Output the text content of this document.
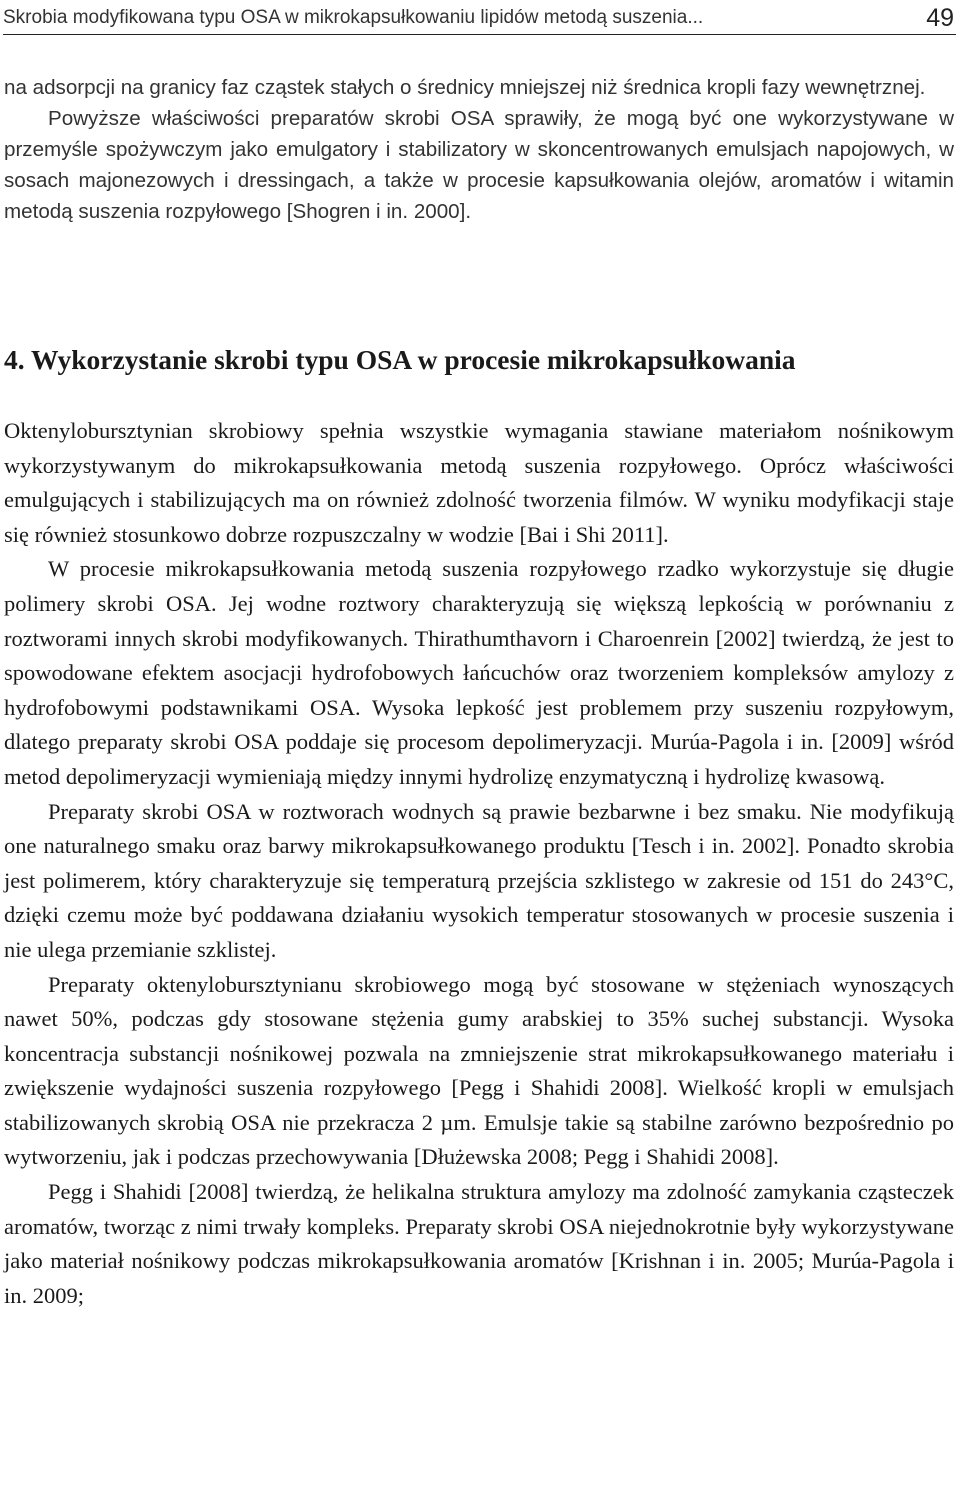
Skrobia modyfikowana typu OSA w mikrokapsułkowaniu lipidów metodą suszenia...	49

na adsorpcji na granicy faz cząstek stałych o średnicy mniejszej niż średnica kropli fazy wewnętrznej.

Powyższe właściwości preparatów skrobi OSA sprawiły, że mogą być one wykorzystywane w przemyśle spożywczym jako emulgatory i stabilizatory w skoncentrowanych emulsjach napojowych, w sosach majonezowych i dressingach, a także w procesie kapsułkowania olejów, aromatów i witamin metodą suszenia rozpyłowego [Shogren i in. 2000].

4. Wykorzystanie skrobi typu OSA w procesie mikrokapsułkowania

Oktenylobursztynian skrobiowy spełnia wszystkie wymagania stawiane materiałom nośnikowym wykorzystywanym do mikrokapsułkowania metodą suszenia rozpyłowego. Oprócz właściwości emulgujących i stabilizujących ma on również zdolność tworzenia filmów. W wyniku modyfikacji staje się również stosunkowo dobrze rozpuszczalny w wodzie [Bai i Shi 2011].

W procesie mikrokapsułkowania metodą suszenia rozpyłowego rzadko wykorzystuje się długie polimery skrobi OSA. Jej wodne roztwory charakteryzują się większą lepkością w porównaniu z roztworami innych skrobi modyfikowanych. Thirathumthavorn i Charoenrein [2002] twierdzą, że jest to spowodowane efektem asocjacji hydrofobowych łańcuchów oraz tworzeniem kompleksów amylozy z hydrofobowymi podstawnikami OSA. Wysoka lepkość jest problemem przy suszeniu rozpyłowym, dlatego preparaty skrobi OSA poddaje się procesom depolimeryzacji. Murúa-Pagola i in. [2009] wśród metod depolimeryzacji wymieniają między innymi hydrolizę enzymatyczną i hydrolizę kwasową.

Preparaty skrobi OSA w roztworach wodnych są prawie bezbarwne i bez smaku. Nie modyfikują one naturalnego smaku oraz barwy mikrokapsułkowanego produktu [Tesch i in. 2002]. Ponadto skrobia jest polimerem, który charakteryzuje się temperaturą przejścia szklistego w zakresie od 151 do 243°C, dzięki czemu może być poddawana działaniu wysokich temperatur stosowanych w procesie suszenia i nie ulega przemianie szklistej.

Preparaty oktenylobursztynianu skrobiowego mogą być stosowane w stężeniach wynoszących nawet 50%, podczas gdy stosowane stężenia gumy arabskiej to 35% suchej substancji. Wysoka koncentracja substancji nośnikowej pozwala na zmniejszenie strat mikrokapsułkowanego materiału i zwiększenie wydajności suszenia rozpyłowego [Pegg i Shahidi 2008]. Wielkość kropli w emulsjach stabilizowanych skrobią OSA nie przekracza 2 µm. Emulsje takie są stabilne zarówno bezpośrednio po wytworzeniu, jak i podczas przechowywania [Dłużewska 2008; Pegg i Shahidi 2008].

Pegg i Shahidi [2008] twierdzą, że helikalna struktura amylozy ma zdolność zamykania cząsteczek aromatów, tworząc z nimi trwały kompleks. Preparaty skrobi OSA niejednokrotnie były wykorzystywane jako materiał nośnikowy podczas mikrokapsułkowania aromatów [Krishnan i in. 2005; Murúa-Pagola i in. 2009;
